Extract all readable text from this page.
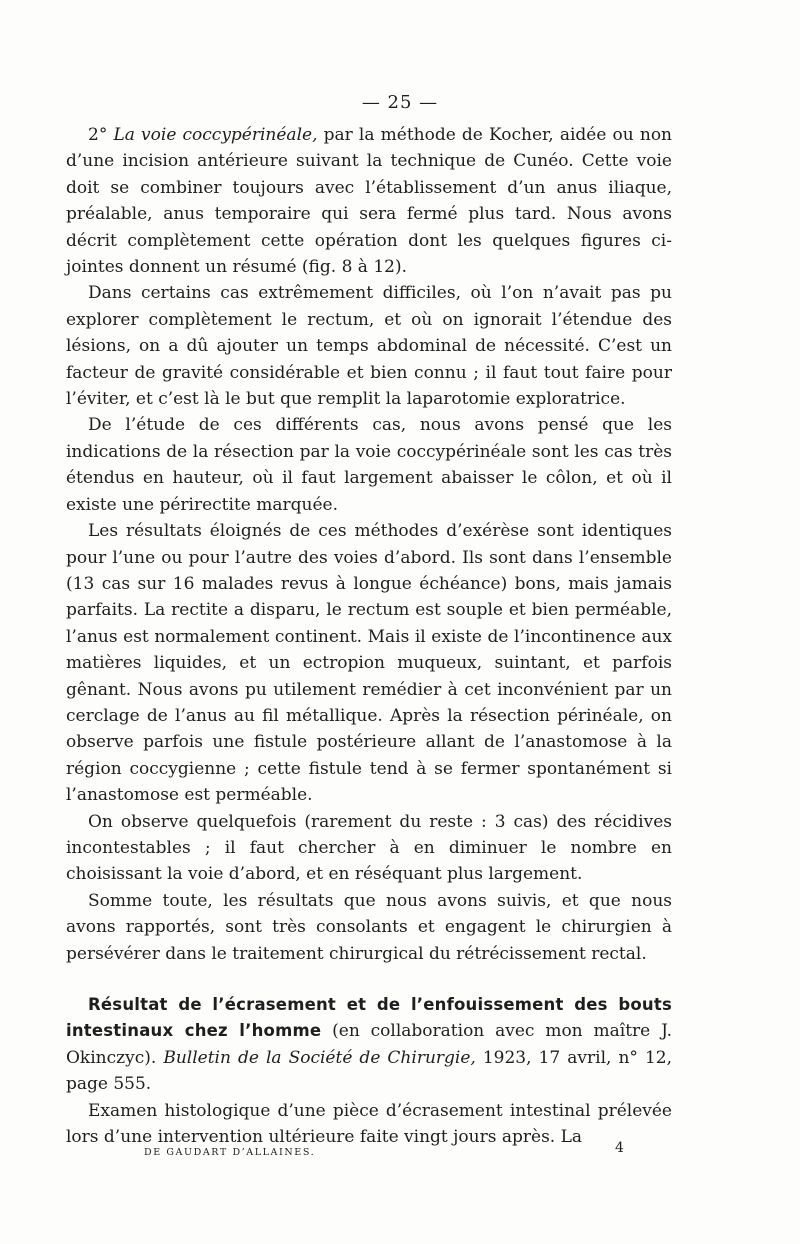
— 25 —

2° La voie coccypérinéale, par la méthode de Kocher, aidée ou non d’une incision antérieure suivant la technique de Cunéo. Cette voie doit se combiner toujours avec l’établissement d’un anus iliaque, préalable, anus temporaire qui sera fermé plus tard. Nous avons décrit complètement cette opération dont les quelques figures ci-jointes donnent un résumé (fig. 8 à 12).

Dans certains cas extrêmement difficiles, où l’on n’avait pas pu explorer complètement le rectum, et où on ignorait l’étendue des lésions, on a dû ajouter un temps abdominal de nécessité. C’est un facteur de gravité considérable et bien connu ; il faut tout faire pour l’éviter, et c’est là le but que remplit la laparotomie exploratrice.

De l’étude de ces différents cas, nous avons pensé que les indications de la résection par la voie coccypérinéale sont les cas très étendus en hauteur, où il faut largement abaisser le côlon, et où il existe une périrectite marquée.

Les résultats éloignés de ces méthodes d’exérèse sont identiques pour l’une ou pour l’autre des voies d’abord. Ils sont dans l’ensemble (13 cas sur 16 malades revus à longue échéance) bons, mais jamais parfaits. La rectite a disparu, le rectum est souple et bien perméable, l’anus est normalement continent. Mais il existe de l’incontinence aux matières liquides, et un ectropion muqueux, suintant, et parfois gênant. Nous avons pu utilement remédier à cet inconvénient par un cerclage de l’anus au fil métallique. Après la résection périnéale, on observe parfois une fistule postérieure allant de l’anastomose à la région coccygienne ; cette fistule tend à se fermer spontanément si l’anastomose est perméable.

On observe quelquefois (rarement du reste : 3 cas) des récidives incontestables ; il faut chercher à en diminuer le nombre en choisissant la voie d’abord, et en réséquant plus largement.

Somme toute, les résultats que nous avons suivis, et que nous avons rapportés, sont très consolants et engagent le chirurgien à persévérer dans le traitement chirurgical du rétrécissement rectal.

Résultat de l’écrasement et de l’enfouissement des bouts intestinaux chez l’homme (en collaboration avec mon maître J. Okinczyc). Bulletin de la Société de Chirurgie, 1923, 17 avril, n° 12, page 555.

Examen histologique d’une pièce d’écrasement intestinal prélevée lors d’une intervention ultérieure faite vingt jours après. La

DE GAUDART D’ALLAINES.	4
